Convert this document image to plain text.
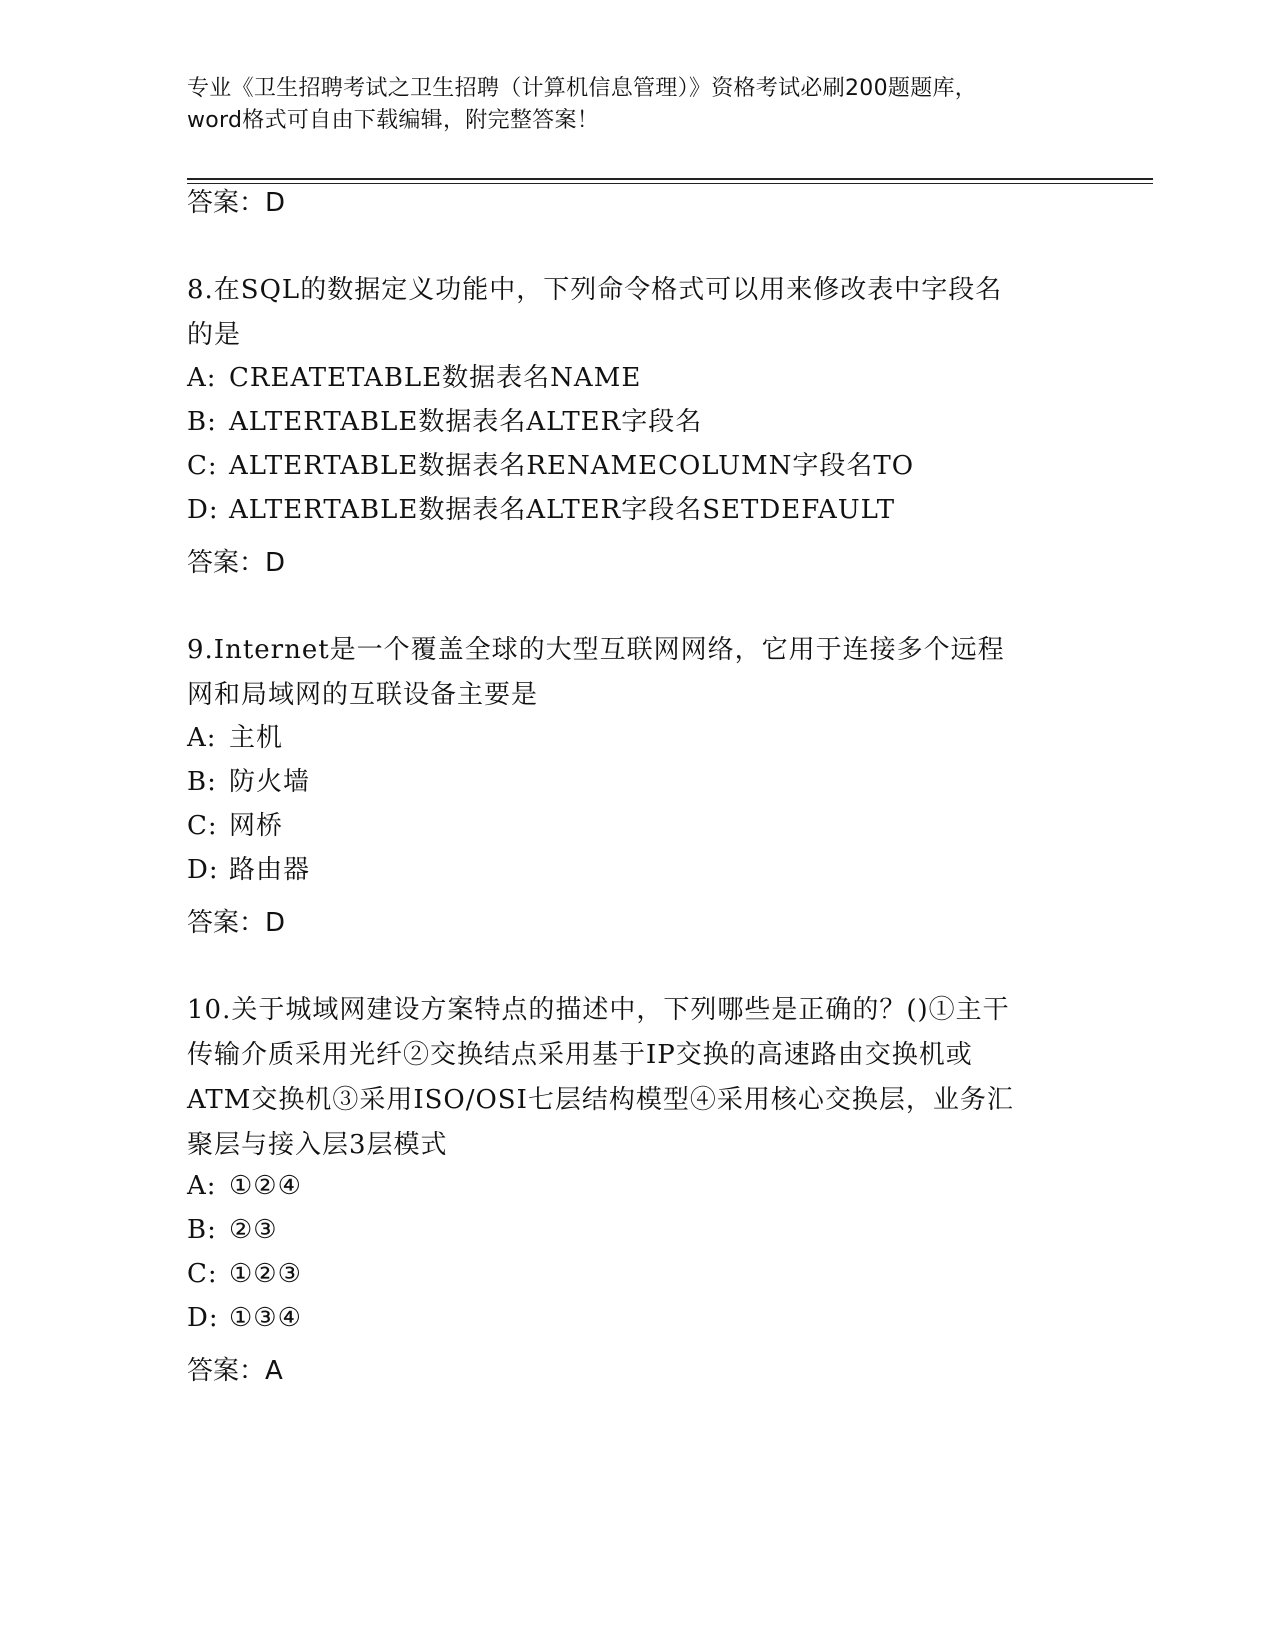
专业《卫生招聘考试之卫生招聘（计算机信息管理）》资格考试必刷200题题库，
word格式可自由下载编辑，附完整答案！
答案：D
8.在SQL的数据定义功能中，下列命令格式可以用来修改表中字段名
的是
A: CREATETABLE数据表名NAME
B: ALTERTABLE数据表名ALTER字段名
C: ALTERTABLE数据表名RENAMECOLUMN字段名TO
D: ALTERTABLE数据表名ALTER字段名SETDEFAULT
答案：D
9.Internet是一个覆盖全球的大型互联网网络，它用于连接多个远程
网和局域网的互联设备主要是
A: 主机
B: 防火墙
C: 网桥
D: 路由器
答案：D
10.关于城域网建设方案特点的描述中，下列哪些是正确的？()①主干
传输介质采用光纤②交换结点采用基于IP交换的高速路由交换机或
ATM交换机③采用ISO/OSI七层结构模型④采用核心交换层，业务汇
聚层与接入层3层模式
A: ①②④
B: ②③
C: ①②③
D: ①③④
答案：A
